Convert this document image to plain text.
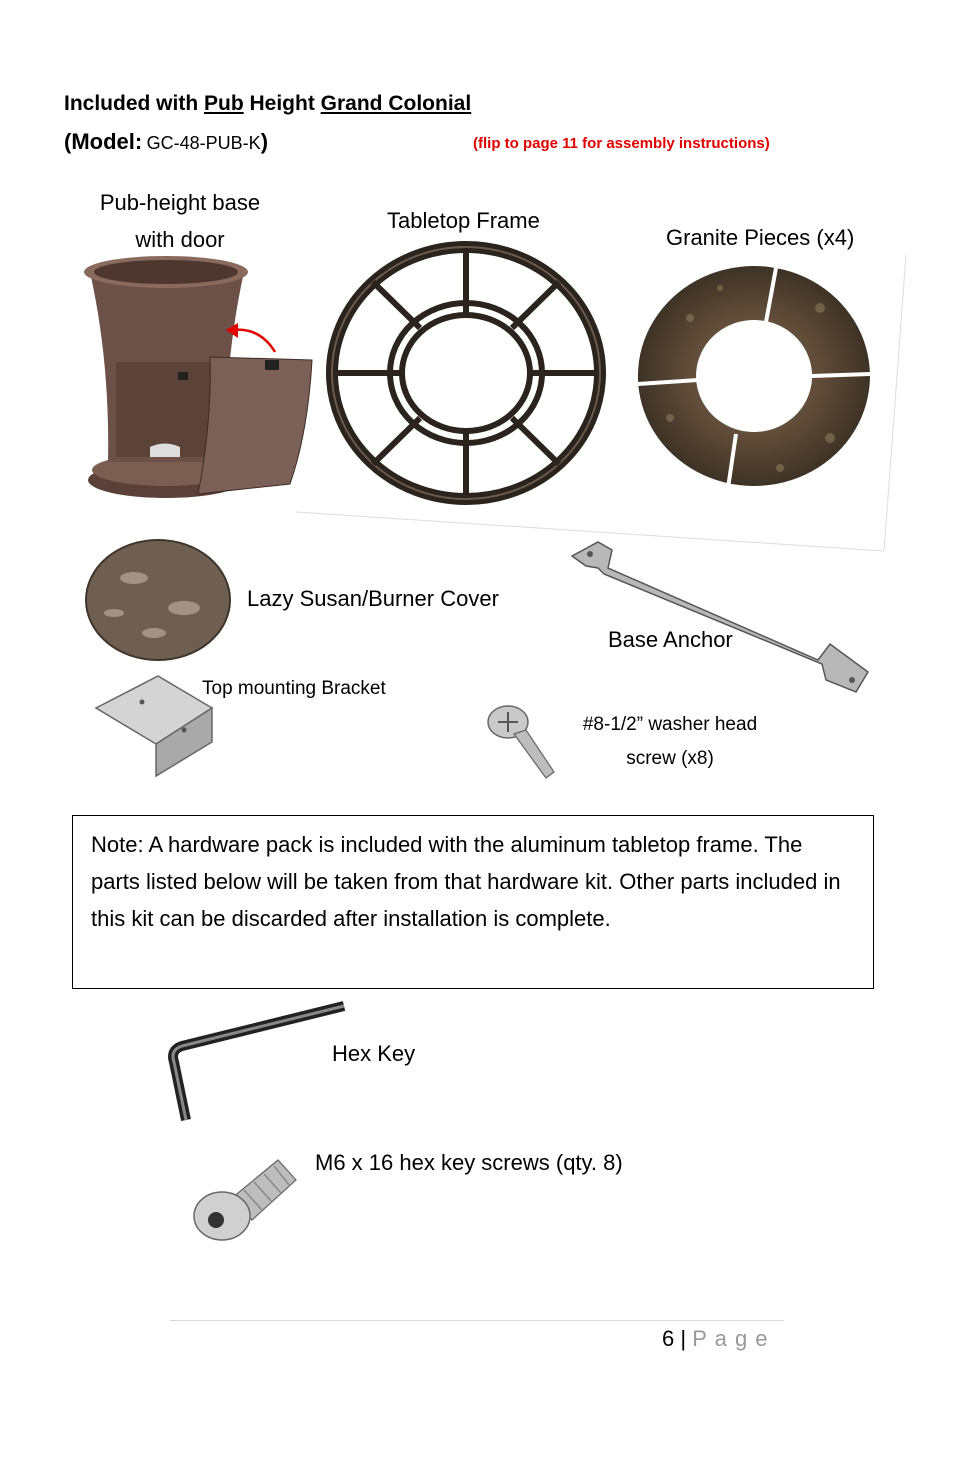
Included with Pub Height Grand Colonial
(Model: GC-48-PUB-K)	(flip to page 11 for assembly instructions)
Pub-height base
with door
Tabletop Frame
Granite Pieces (x4)
Lazy Susan/Burner Cover
Base Anchor
Top mounting Bracket
#8-1/2” washer head
screw (x8)
Note: A hardware pack is included with the aluminum tabletop frame. The parts listed below will be taken from that hardware kit. Other parts included in this kit can be discarded after installation is complete.
Hex Key
M6 x 16 hex key screws (qty. 8)
6 | P a g e
